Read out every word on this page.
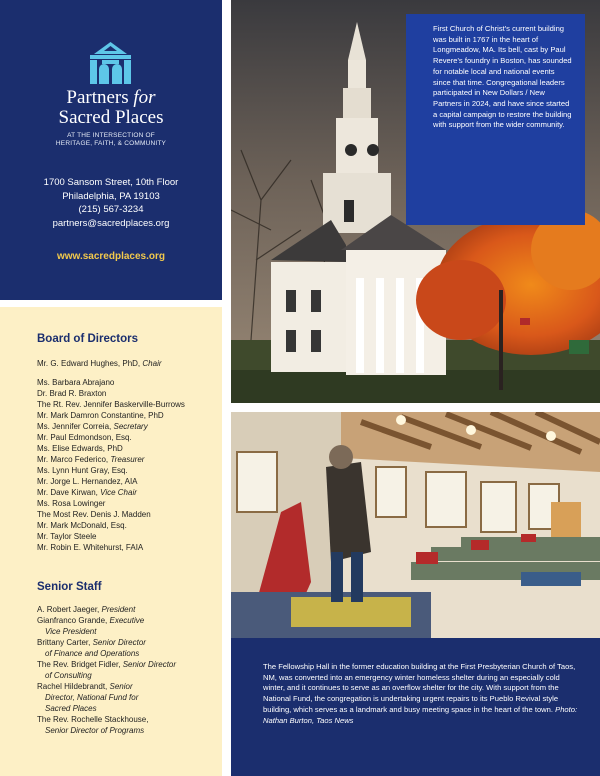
Partners for
Sacred Places
AT THE INTERSECTION OF
HERITAGE, FAITH, & COMMUNITY
1700 Sansom Street, 10th Floor
Philadelphia, PA 19103
(215) 567-3234
partners@sacredplaces.org
www.sacredplaces.org
Board of Directors
Mr. G. Edward Hughes, PhD, Chair
Ms. Barbara Abrajano
Dr. Brad R. Braxton
The Rt. Rev. Jennifer Baskerville-Burrows
Mr. Mark Damron Constantine, PhD
Ms. Jennifer Correia, Secretary
Mr. Paul Edmondson, Esq.
Ms. Elise Edwards, PhD
Mr. Marco Federico, Treasurer
Ms. Lynn Hunt Gray, Esq.
Mr. Jorge L. Hernandez, AIA
Mr. Dave Kirwan, Vice Chair
Ms. Rosa Lowinger
The Most Rev. Denis J. Madden
Mr. Mark McDonald, Esq.
Mr. Taylor Steele
Mr. Robin E. Whitehurst, FAIA
Senior Staff
A. Robert Jaeger, President
Gianfranco Grande, Executive
Vice President
Brittany Carter, Senior Director
of Finance and Operations
The Rev. Bridget Fidler, Senior Director
of Consulting
Rachel Hildebrandt, Senior
Director, National Fund for
Sacred Places
The Rev. Rochelle Stackhouse,
Senior Director of Programs
First Church of Christ's current building was built in 1767 in the heart of Longmeadow, MA. Its bell, cast by Paul Revere's foundry in Boston, has sounded for notable local and national events since that time. Congregational leaders participated in New Dollars / New Partners in 2024, and have since started a capital campaign to restore the building with support from the wider community.
The Fellowship Hall in the former education building at the First Presbyterian Church of Taos, NM, was converted into an emergency winter homeless shelter during an especially cold winter, and it continues to serve as an overflow shelter for the city. With support from the National Fund, the congregation is undertaking urgent repairs to its Pueblo Revival style building, which serves as a landmark and busy meeting space in the heart of the town. Photo: Nathan Burton, Taos News
